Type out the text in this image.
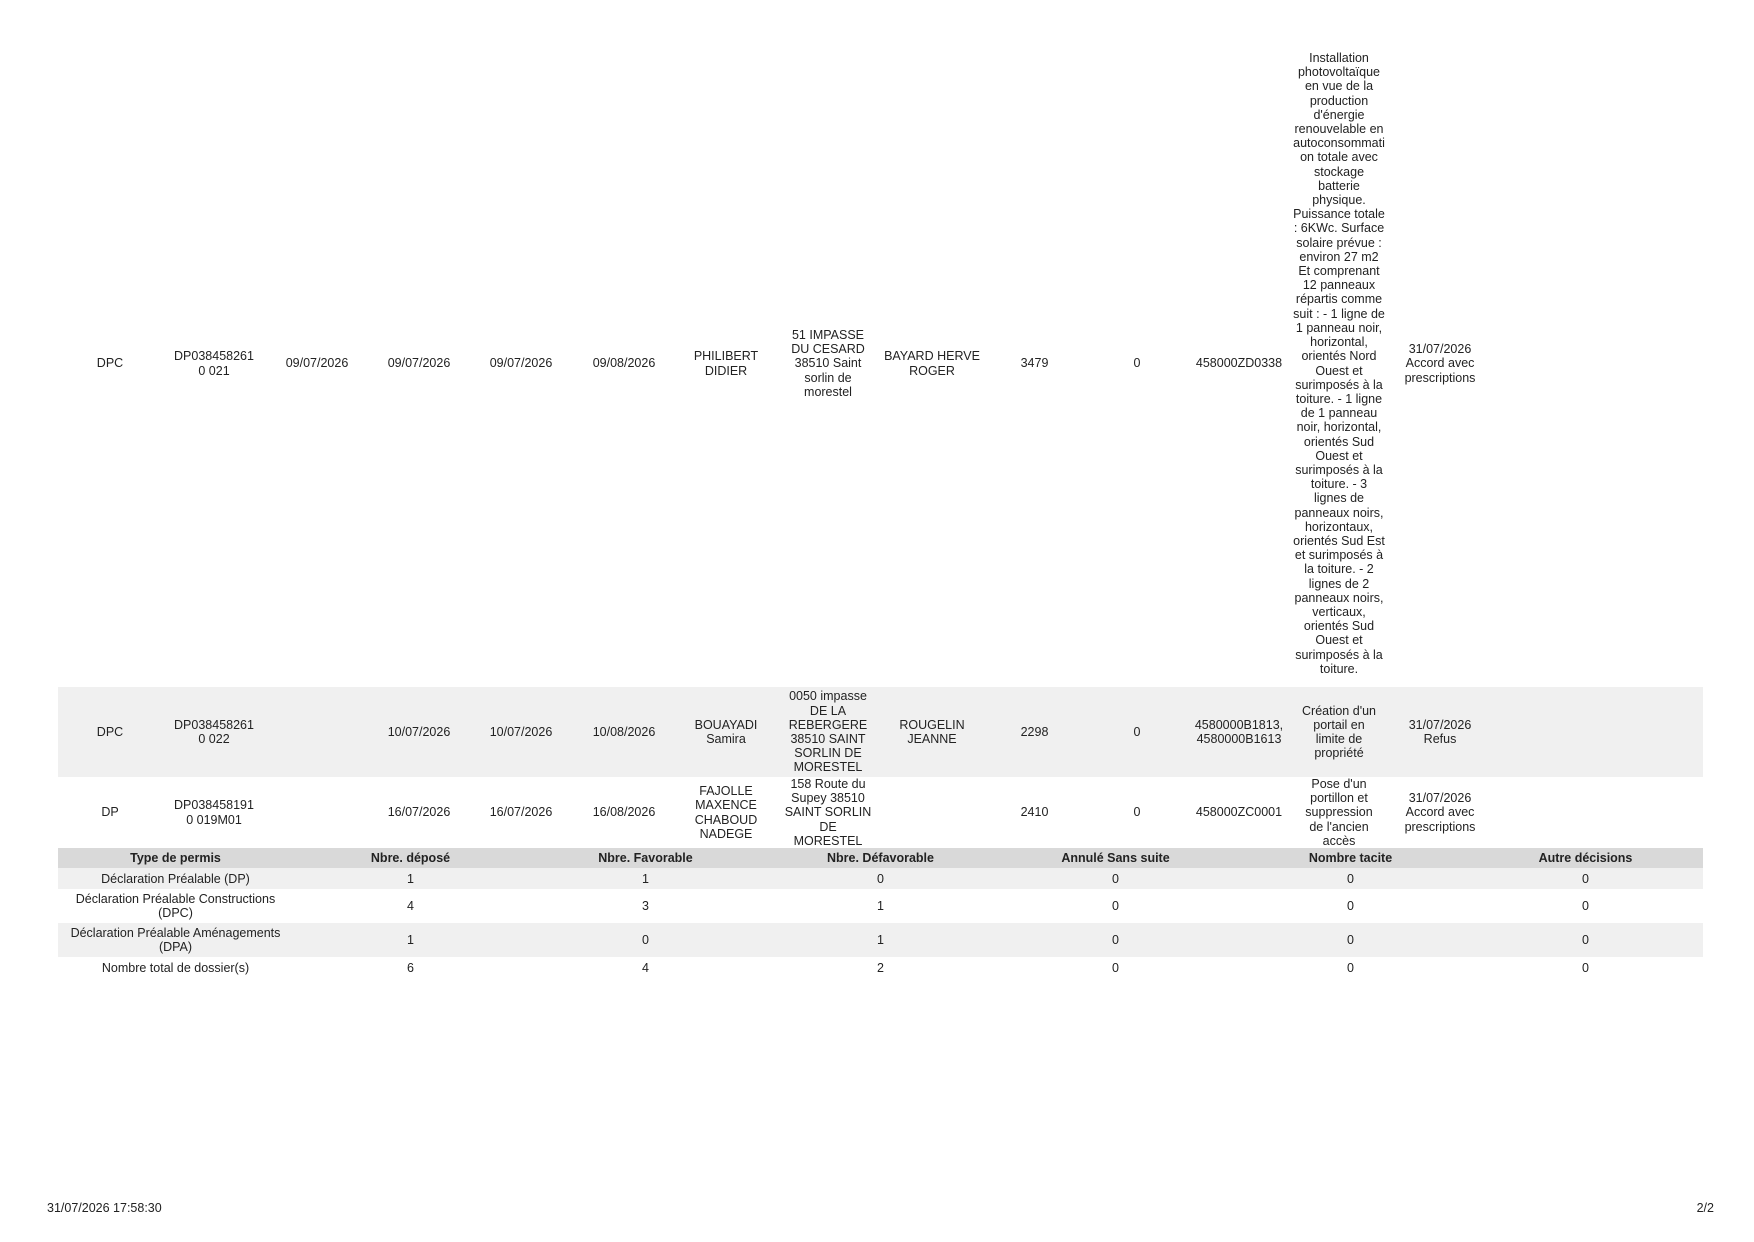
DPC	DP0384582610 021	09/07/2026	09/07/2026	09/07/2026	09/08/2026	PHILIBERT DIDIER	51 IMPASSE DU CESARD 38510 Saint sorlin de morestel	BAYARD HERVE ROGER	3479	0	458000ZD0338	Installation photovoltaïque en vue de la production d'énergie renouvelable en autoconsommation totale avec stockage batterie physique. Puissance totale : 6KWc. Surface solaire prévue : environ 27 m2 Et comprenant 12 panneaux répartis comme suit : - 1 ligne de 1 panneau noir, horizontal, orientés Nord Ouest et surimposés à la toiture. - 1 ligne de 1 panneau noir, horizontal, orientés Sud Ouest et surimposés à la toiture. - 3 lignes de panneaux noirs, horizontaux, orientés Sud Est et surimposés à la toiture. - 2 lignes de 2 panneaux noirs, verticaux, orientés Sud Ouest et surimposés à la toiture.	31/07/2026 Accord avec prescriptions	
DPC	DP0384582610 022		10/07/2026	10/07/2026	10/08/2026	BOUAYADI Samira	0050 impasse DE LA REBERGERE 38510 SAINT SORLIN DE MORESTEL	ROUGELIN JEANNE	2298	0	4580000B1813, 4580000B1613	Création d'un portail en limite de propriété	31/07/2026 Refus	
DP	DP0384581910 019M01		16/07/2026	16/07/2026	16/08/2026	FAJOLLE MAXENCE CHABOUD NADEGE	158 Route du Supey 38510 SAINT SORLIN DE MORESTEL		2410	0	458000ZC0001	Pose d'un portillon et suppression de l'ancien accès	31/07/2026 Accord avec prescriptions	
Type de permis	Nbre. déposé	Nbre. Favorable	Nbre. Défavorable	Annulé Sans suite	Nombre tacite	Autre décisions
Déclaration Préalable (DP)	1	1	0	0	0	0
Déclaration Préalable Constructions (DPC)	4	3	1	0	0	0
Déclaration Préalable Aménagements (DPA)	1	0	1	0	0	0
Nombre total de dossier(s)	6	4	2	0	0	0
31/07/2026 17:58:30	2/2
